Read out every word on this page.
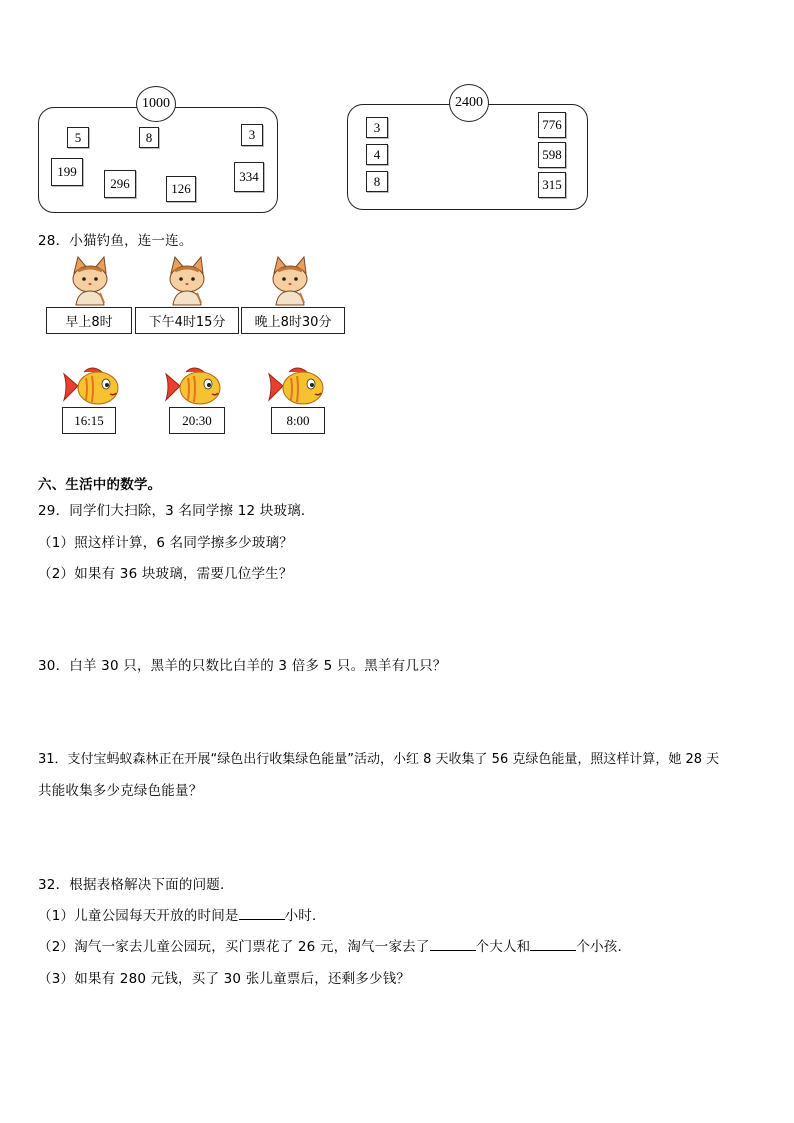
1000
5	8	3
199
296	126
334
2400
3
4
8
776
598
315
28．小猫钓鱼，连一连。
早上8时	下午4时15分	晚上8时30分
16:15	20:30	8:00
六、生活中的数学。
29．同学们大扫除，3 名同学擦 12 块玻璃．
（1）照这样计算，6 名同学擦多少玻璃？
（2）如果有 36 块玻璃，需要几位学生？
30．白羊 30 只，黑羊的只数比白羊的 3 倍多 5 只。黑羊有几只？
31．支付宝蚂蚁森林正在开展“绿色出行收集绿色能量”活动，小红 8 天收集了 56 克绿色能量，照这样计算，她 28 天
共能收集多少克绿色能量？
32．根据表格解决下面的问题．
（1）儿童公园每天开放的时间是	小时．
（2）淘气一家去儿童公园玩，买门票花了 26 元，淘气一家去了	个大人和	个小孩．
（3）如果有 280 元钱，买了 30 张儿童票后，还剩多少钱？
